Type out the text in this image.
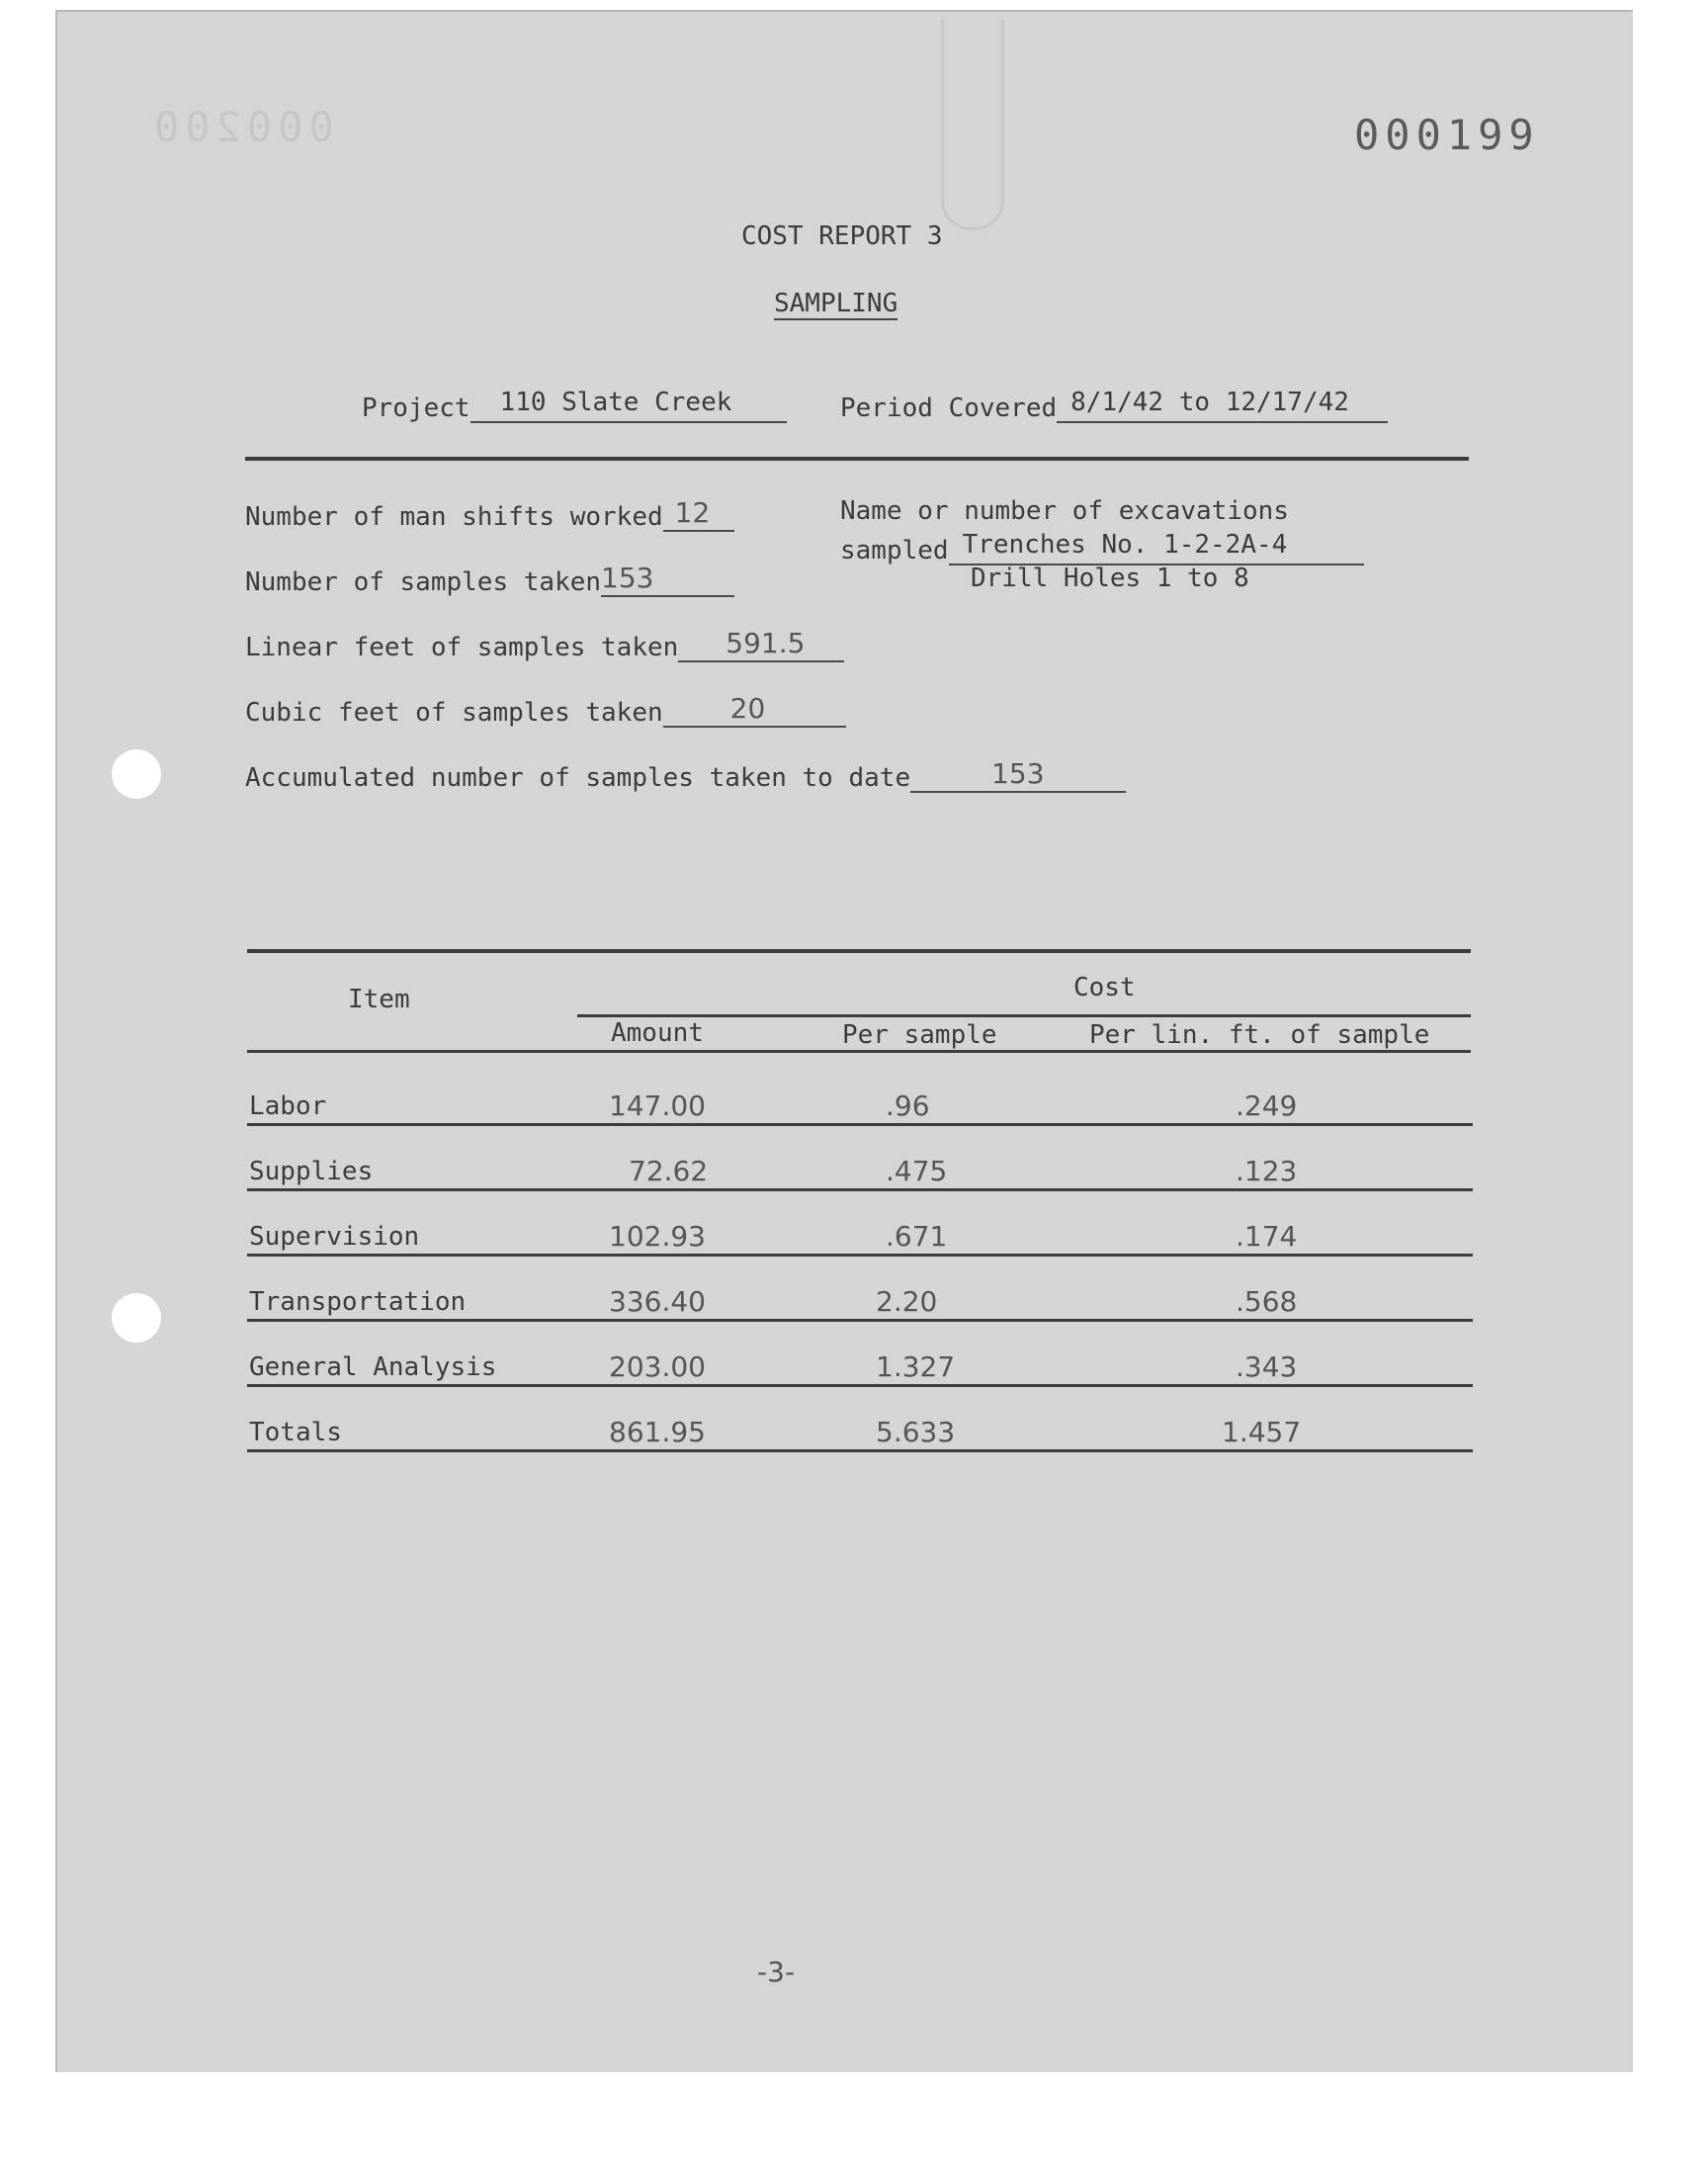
000200	000199
COST REPORT 3
SAMPLING
Project 110 Slate Creek	Period Covered 8/1/42 to 12/17/42
Number of man shifts worked 12	Name or number of excavations
sampled Trenches No. 1-2-2A-4
Drill Holes 1 to 8
Number of samples taken153
Linear feet of samples taken 591.5
Cubic feet of samples taken 20
Accumulated number of samples taken to date	153
Item	Cost
Amount	Per sample	Per lin. ft. of sample
Labor	147.00	.96	.249
Supplies	72.62	.475	.123
Supervision	102.93	.671	.174
Transportation	336.40	2.20	.568
General Analysis	203.00	1.327	.343
Totals	861.95	5.633	1.457
-3-
